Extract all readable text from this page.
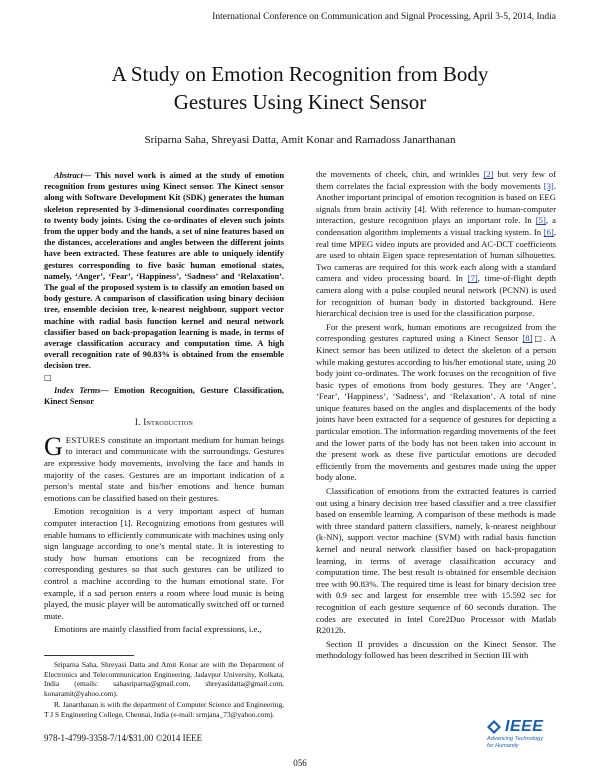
International Conference on Communication and Signal Processing, April 3-5, 2014, India
A Study on Emotion Recognition from Body
Gestures Using Kinect Sensor
Sriparna Saha, Shreyasi Datta, Amit Konar and Ramadoss Janarthanan

Abstract— This novel work is aimed at the study of emotion recognition from gestures using Kinect sensor. The Kinect sensor along with Software Development Kit (SDK) generates the human skeleton represented by 3-dimensional coordinates corresponding to twenty body joints. Using the co-ordinates of eleven such joints from the upper body and the hands, a set of nine features based on the distances, accelerations and angles between the different joints have been extracted. These features are able to uniquely identify gestures corresponding to five basic human emotional states, namely, ‘Anger’, ‘Fear’, ‘Happiness’, ‘Sadness’ and ‘Relaxation’. The goal of the proposed system is to classify an emotion based on body gesture. A comparison of classification using binary decision tree, ensemble decision tree, k-nearest neighbour, support vector machine with radial basis function kernel and neural network classifier based on back-propagation learning is made, in terms of average classification accuracy and computation time. A high overall recognition rate of 90.83% is obtained from the ensemble decision tree.
□

Index Terms— Emotion Recognition, Gesture Classification, Kinect Sensor

I. Introduction

GESTURES constitute an important medium for human beings to interact and communicate with the surroundings. Gestures are expressive body movements, involving the face and hands in majority of the cases. Gestures are an important indication of a person’s mental state and his/her emotions and hence human emotions can be classified based on their gestures.

Emotion recognition is a very important aspect of human computer interaction [1]. Recognizing emotions from gestures will enable humans to efficiently communicate with machines using only sign language according to one’s mental state. It is interesting to study how human emotions can be recognized from the corresponding gestures so that such gestures can be utilized to control a machine according to the human emotional state. For example, if a sad person enters a room where loud music is being played, the music player will be automatically switched off or turned mute.

Emotions are mainly classified from facial expressions, i.e.,

Sriparna Saha, Shreyasi Datta and Amit Konar are with the Department of Electronics and Telecommunication Engineering, Jadavpur University, Kolkata, India (emails: sahasriparna@gmail.com, shreyasidatta@gmail.com, konaramit@yahoo.com).

R. Janarthanan is with the department of Computer Science and Engineering, T J S Engineering College, Chennai, India (e-mail: srmjana_73@yahoo.com).

the movements of cheek, chin, and wrinkles [2] but very few of them correlates the facial expression with the body movements [3]. Another important principal of emotion recognition is based on EEG signals from brain activity [4]. With reference to human-computer interaction, gesture recognition plays an important role. In [5], a condensation algorithm implements a visual tracking system. In [6], real time MPEG video inputs are provided and AC-DCT coefficients are used to obtain Eigen space representation of human silhouettes. Two cameras are required for this work each along with a standard camera and video processing board. In [7], time-of-flight depth camera along with a pulse coupled neural network (PCNN) is used for recognition of human body in distorted background. Here hierarchical decision tree is used for the classification purpose.

For the present work, human emotions are recognized from the corresponding gestures captured using a Kinect Sensor [8]□. A Kinect sensor has been utilized to detect the skeleton of a person while making gestures according to his/her emotional state, using 20 body joint co-ordinates. The work focuses on the recognition of five basic types of emotions from body gestures. They are ‘Anger’, ‘Fear’, ‘Happiness’, ‘Sadness’, and ‘Relaxation’. A total of nine unique features based on the angles and displacements of the body joints have been extracted for a sequence of gestures for depicting a particular emotion. The information regarding movements of the feet and the lower parts of the body has not been taken into account in the present work as these five particular emotions are decoded efficiently from the movements and gestures made using the upper body alone.

Classification of emotions from the extracted features is carried out using a binary decision tree based classifier and a tree classifier based on ensemble learning. A comparison of these methods is made with three standard pattern classifiers, namely, k-nearest neighbour (k-NN), support vector machine (SVM) with radial basis function kernel and neural network classifier based on back-propagation learning, in terms of average classification accuracy and computation time. The best result is obtained for ensemble decision tree with 90.83%. The required time is least for binary decision tree with 0.9 sec and largest for ensemble tree with 15.592 sec for recognition of each gesture sequence of 60 seconds duration. The codes are executed in Intel Core2Duo Processor with Matlab R2012b.

Section II provides a discussion on the Kinect Sensor. The methodology followed has been described in Section III with

978-1-4799-3358-7/14/$31.00 ©2014 IEEE
IEEE
Advancing Technology
for Humanity
056
